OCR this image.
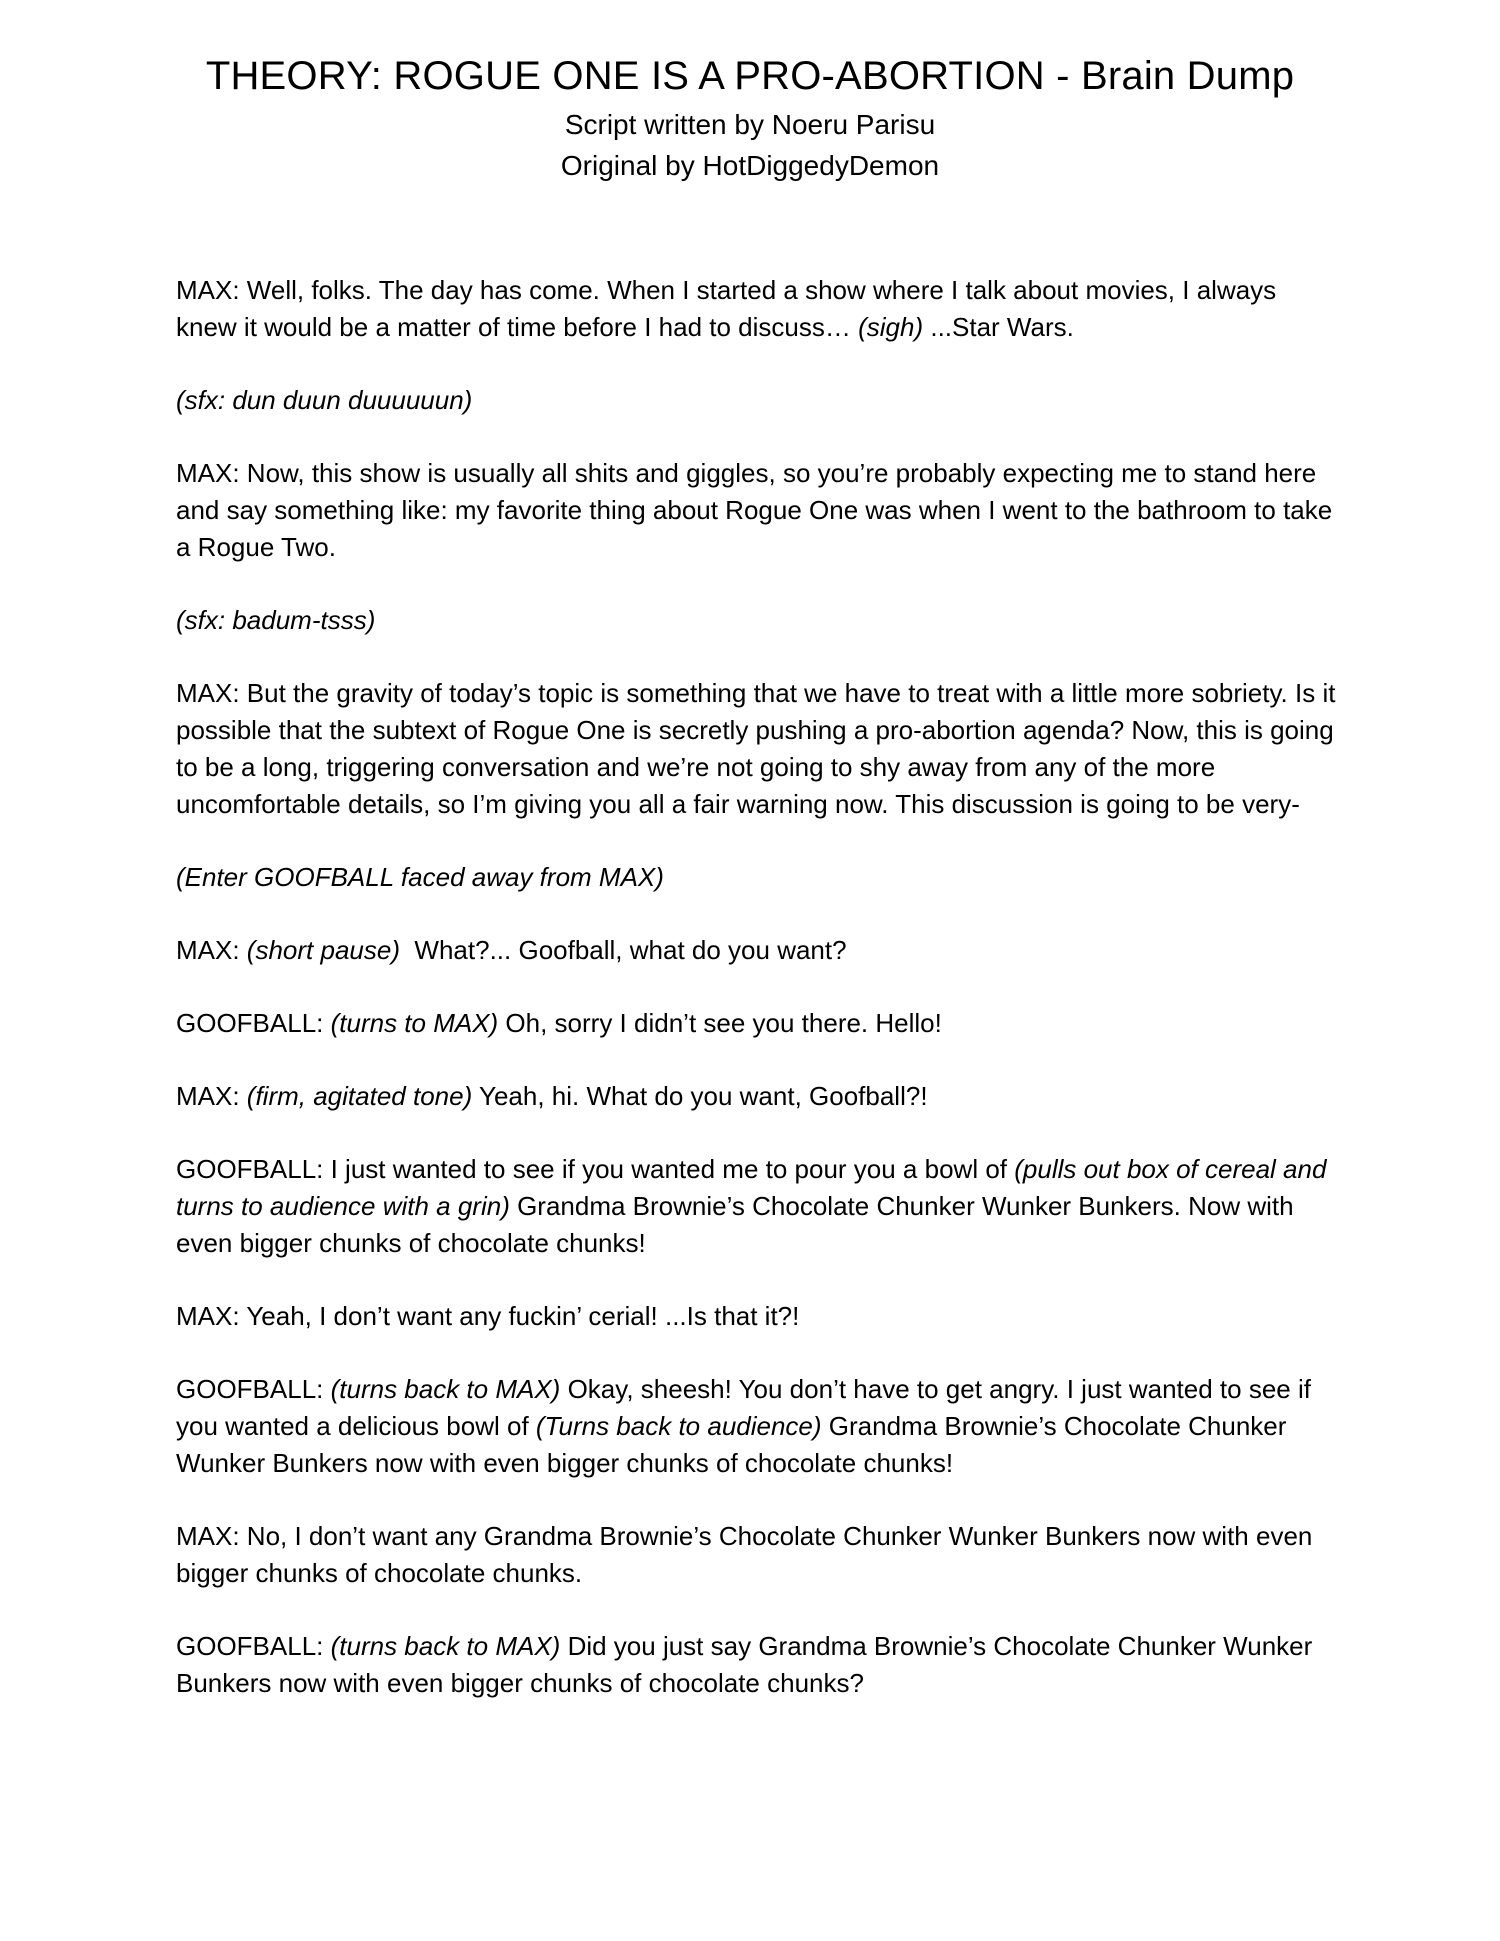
THEORY: ROGUE ONE IS A PRO-ABORTION - Brain Dump

Script written by Noeru Parisu

Original by HotDiggedyDemon

MAX: Well, folks. The day has come. When I started a show where I talk about movies, I always knew it would be a matter of time before I had to discuss… (sigh) ...Star Wars.

(sfx: dun duun duuuuuun)

MAX: Now, this show is usually all shits and giggles, so you’re probably expecting me to stand here and say something like: my favorite thing about Rogue One was when I went to the bathroom to take a Rogue Two.

(sfx: badum-tsss)

MAX: But the gravity of today’s topic is something that we have to treat with a little more sobriety. Is it possible that the subtext of Rogue One is secretly pushing a pro-abortion agenda? Now, this is going to be a long, triggering conversation and we’re not going to shy away from any of the more uncomfortable details, so I’m giving you all a fair warning now. This discussion is going to be very-

(Enter GOOFBALL faced away from MAX)

MAX: (short pause)  What?... Goofball, what do you want?

GOOFBALL: (turns to MAX) Oh, sorry I didn’t see you there. Hello!

MAX: (firm, agitated tone) Yeah, hi. What do you want, Goofball?!

GOOFBALL: I just wanted to see if you wanted me to pour you a bowl of (pulls out box of cereal and turns to audience with a grin) Grandma Brownie’s Chocolate Chunker Wunker Bunkers. Now with even bigger chunks of chocolate chunks!

MAX: Yeah, I don’t want any fuckin’ cerial! ...Is that it?!

GOOFBALL: (turns back to MAX) Okay, sheesh! You don’t have to get angry. I just wanted to see if you wanted a delicious bowl of (Turns back to audience) Grandma Brownie’s Chocolate Chunker Wunker Bunkers now with even bigger chunks of chocolate chunks!

MAX: No, I don’t want any Grandma Brownie’s Chocolate Chunker Wunker Bunkers now with even bigger chunks of chocolate chunks.

GOOFBALL: (turns back to MAX) Did you just say Grandma Brownie’s Chocolate Chunker Wunker Bunkers now with even bigger chunks of chocolate chunks?
